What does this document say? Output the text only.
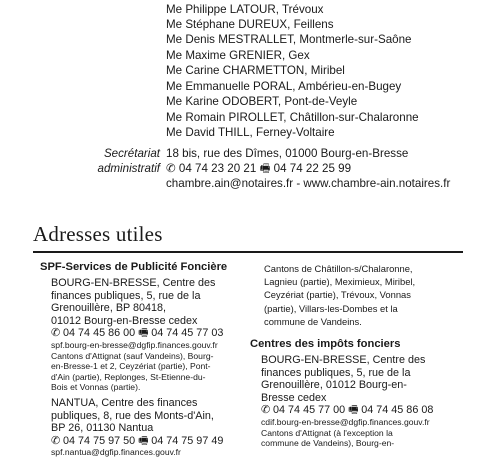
Me Philippe LATOUR, Trévoux
Me Stéphane DUREUX, Feillens
Me Denis MESTRALLET, Montmerle-sur-Saône
Me Maxime GRENIER, Gex
Me Carine CHARMETTON, Miribel
Me Emmanuelle PORAL, Ambérieu-en-Bugey
Me Karine ODOBERT, Pont-de-Veyle
Me Romain PIROLLET, Châtillon-sur-Chalaronne
Me David THILL, Ferney-Voltaire
Secrétariat
administratif
18 bis, rue des Dîmes, 01000 Bourg-en-Bresse
✆ 04 74 23 20 21 🖷 04 74 22 25 99
chambre.ain@notaires.fr - www.chambre-ain.notaires.fr
Adresses utiles
SPF-Services de Publicité Foncière
BOURG-EN-BRESSE, Centre des
finances publiques, 5, rue de la
Grenouillère, BP 80418,
01012 Bourg-en-Bresse cedex
✆ 04 74 45 86 00 🖷 04 74 45 77 03
spf.bourg-en-bresse@dgfip.finances.gouv.fr
Cantons d'Attignat (sauf Vandeins), Bourg-
en-Bresse-1 et 2, Ceyzériat (partie), Pont-
d'Ain (partie), Replonges, St-Etienne-du-
Bois et Vonnas (partie).
NANTUA, Centre des finances
publiques, 8, rue des Monts-d'Ain,
BP 26, 01130 Nantua
✆ 04 74 75 97 50 🖷 04 74 75 97 49
spf.nantua@dgfip.finances.gouv.fr
Cantons de Châtillon-s/Chalaronne,
Lagnieu (partie), Meximieux, Miribel,
Ceyzériat (partie), Trévoux, Vonnas
(partie), Villars-les-Dombes et la
commune de Vandeins.
Centres des impôts fonciers
BOURG-EN-BRESSE, Centre des
finances publiques, 5, rue de la
Grenouillère, 01012 Bourg-en-
Bresse cedex
✆ 04 74 45 77 00 🖷 04 74 45 86 08
cdif.bourg-en-bresse@dgfip.finances.gouv.fr
Cantons d'Attignat (à l'exception la
commune de Vandeins), Bourg-en-
